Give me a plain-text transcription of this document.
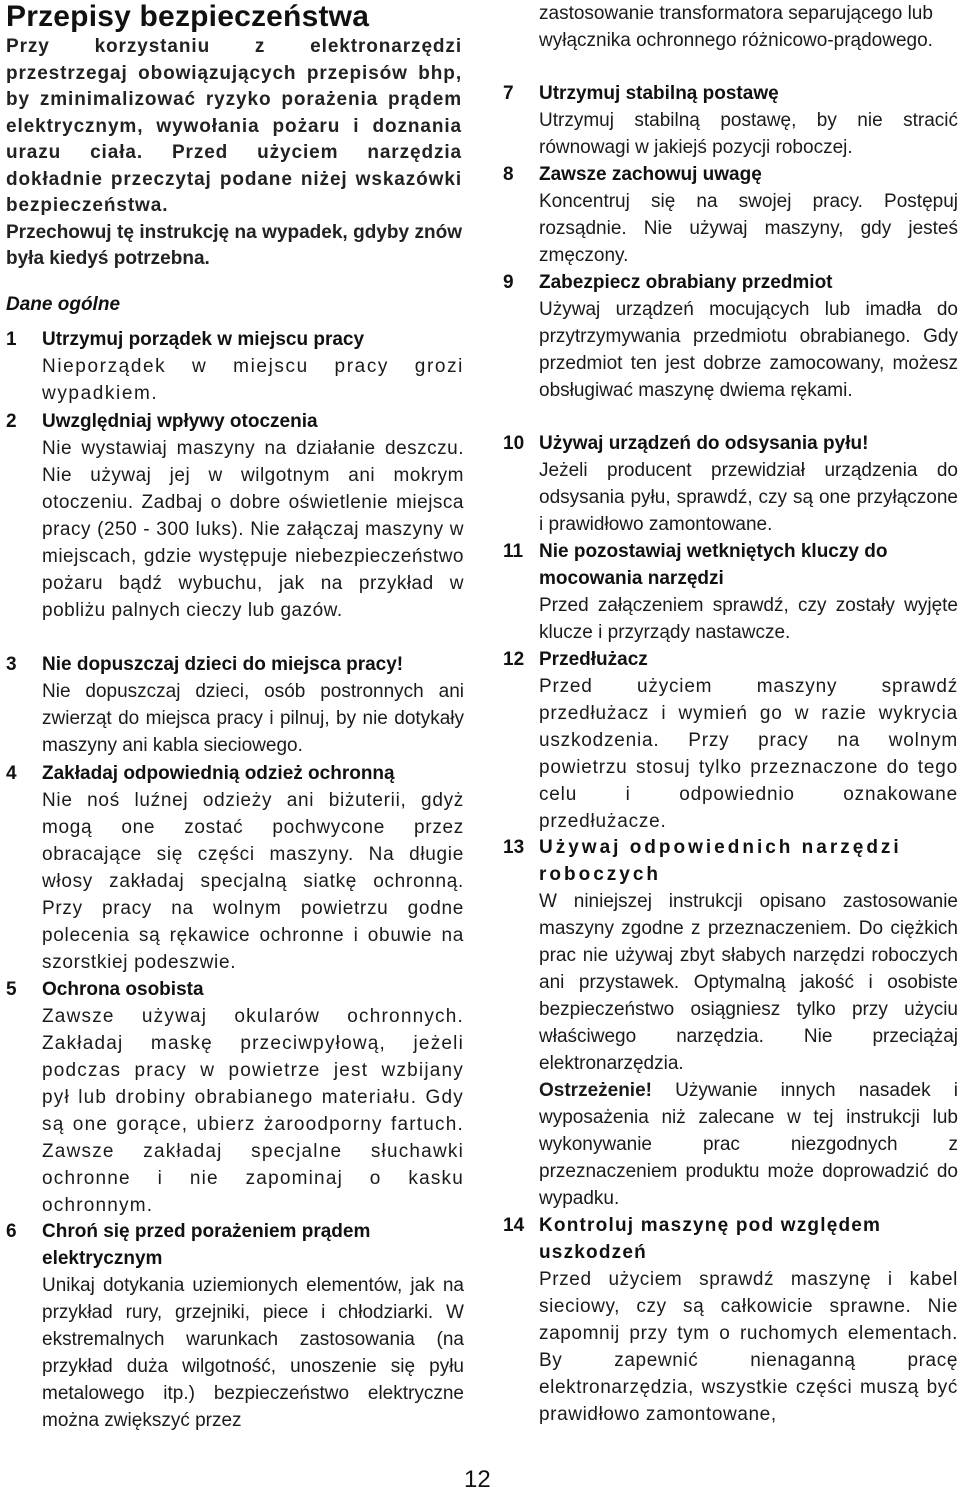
Przepisy bezpieczeństwa

Przy korzystaniu z elektronarzędzi przestrzegaj obowiązujących przepisów bhp, by zminimalizować ryzyko porażenia prądem elektrycznym, wywołania pożaru i doznania urazu ciała. Przed użyciem narzędzia dokładnie przeczytaj podane niżej wskazówki bezpieczeństwa.

Przechowuj tę instrukcję na wypadek, gdyby znów była kiedyś potrzebna.

Dane ogólne
1	Utrzymuj porządek w miejscu pracy

Nieporządek w miejscu pracy grozi wypadkiem.

2	Uwzględniaj wpływy otoczenia

Nie wystawiaj maszyny na działanie deszczu. Nie używaj jej w wilgotnym ani mokrym otoczeniu. Zadbaj o dobre oświetlenie miejsca pracy (250 - 300 luks). Nie załączaj maszyny w miejscach, gdzie występuje niebezpieczeństwo pożaru bądź wybuchu, jak na przykład w pobliżu palnych cieczy lub gazów.

3	Nie dopuszczaj dzieci do miejsca pracy!

Nie dopuszczaj dzieci, osób postronnych ani zwierząt do miejsca pracy i pilnuj, by nie dotykały maszyny ani kabla sieciowego.

4	Zakładaj odpowiednią odzież ochronną

Nie noś luźnej odzieży ani biżuterii, gdyż mogą one zostać pochwycone przez obracające się części maszyny. Na długie włosy zakładaj specjalną siatkę ochronną. Przy pracy na wolnym powietrzu godne polecenia są rękawice ochronne i obuwie na szorstkiej podeszwie.

5	Ochrona osobista

Zawsze używaj okularów ochronnych. Zakładaj maskę przeciwpyłową, jeżeli podczas pracy w powietrze jest wzbijany pył lub drobiny obrabianego materiału. Gdy są one gorące, ubierz żaroodporny fartuch. Zawsze zakładaj specjalne słuchawki ochronne i nie zapominaj o kasku ochronnym.

6	Chroń się przed porażeniem prądem elektrycznym

Unikaj dotykania uziemionych elementów, jak na przykład rury, grzejniki, piece i chłodziarki. W ekstremalnych warunkach zastosowania (na przykład duża wilgotność, unoszenie się pyłu metalowego itp.) bezpieczeństwo elektryczne można zwiększyć przez

zastosowanie transformatora separującego lub wyłącznika ochronnego różnicowo-prądowego.

7	Utrzymuj stabilną postawę

Utrzymuj stabilną postawę, by nie stracić równowagi w jakiejś pozycji roboczej.

8	Zawsze zachowuj uwagę

Koncentruj się na swojej pracy. Postępuj rozsądnie. Nie używaj maszyny, gdy jesteś zmęczony.

9	Zabezpiecz obrabiany przedmiot

Używaj urządzeń mocujących lub imadła do przytrzymywania przedmiotu obrabianego. Gdy przedmiot ten jest dobrze zamocowany, możesz obsługiwać maszynę dwiema rękami.

10 Używaj urządzeń do odsysania pyłu!

Jeżeli producent przewidział urządzenia do odsysania pyłu, sprawdź, czy są one przyłączone i prawidłowo zamontowane.

11 Nie pozostawiaj wetkniętych kluczy do mocowania narzędzi

Przed załączeniem sprawdź, czy zostały wyjęte klucze i przyrządy nastawcze.

12 Przedłużacz

Przed użyciem maszyny sprawdź przedłużacz i wymień go w razie wykrycia uszkodzenia. Przy pracy na wolnym powietrzu stosuj tylko przeznaczone do tego celu i odpowiednio oznakowane przedłużacze.

13 Używaj odpowiednich narzędzi roboczych

W niniejszej instrukcji opisano zastosowanie maszyny zgodne z przeznaczeniem. Do ciężkich prac nie używaj zbyt słabych narzędzi roboczych ani przystawek. Optymalną jakość i osobiste bezpieczeństwo osiągniesz tylko przy użyciu właściwego narzędzia. Nie przeciążaj elektronarzędzia.

Ostrzeżenie! Używanie innych nasadek i wyposażenia niż zalecane w tej instrukcji lub wykonywanie prac niezgodnych z przeznaczeniem produktu może doprowadzić do wypadku.

14 Kontroluj maszynę pod względem uszkodzeń

Przed użyciem sprawdź maszynę i kabel sieciowy, czy są całkowicie sprawne. Nie zapomnij przy tym o ruchomych elementach. By zapewnić nienaganną pracę elektronarzędzia, wszystkie części muszą być prawidłowo zamontowane,

12
